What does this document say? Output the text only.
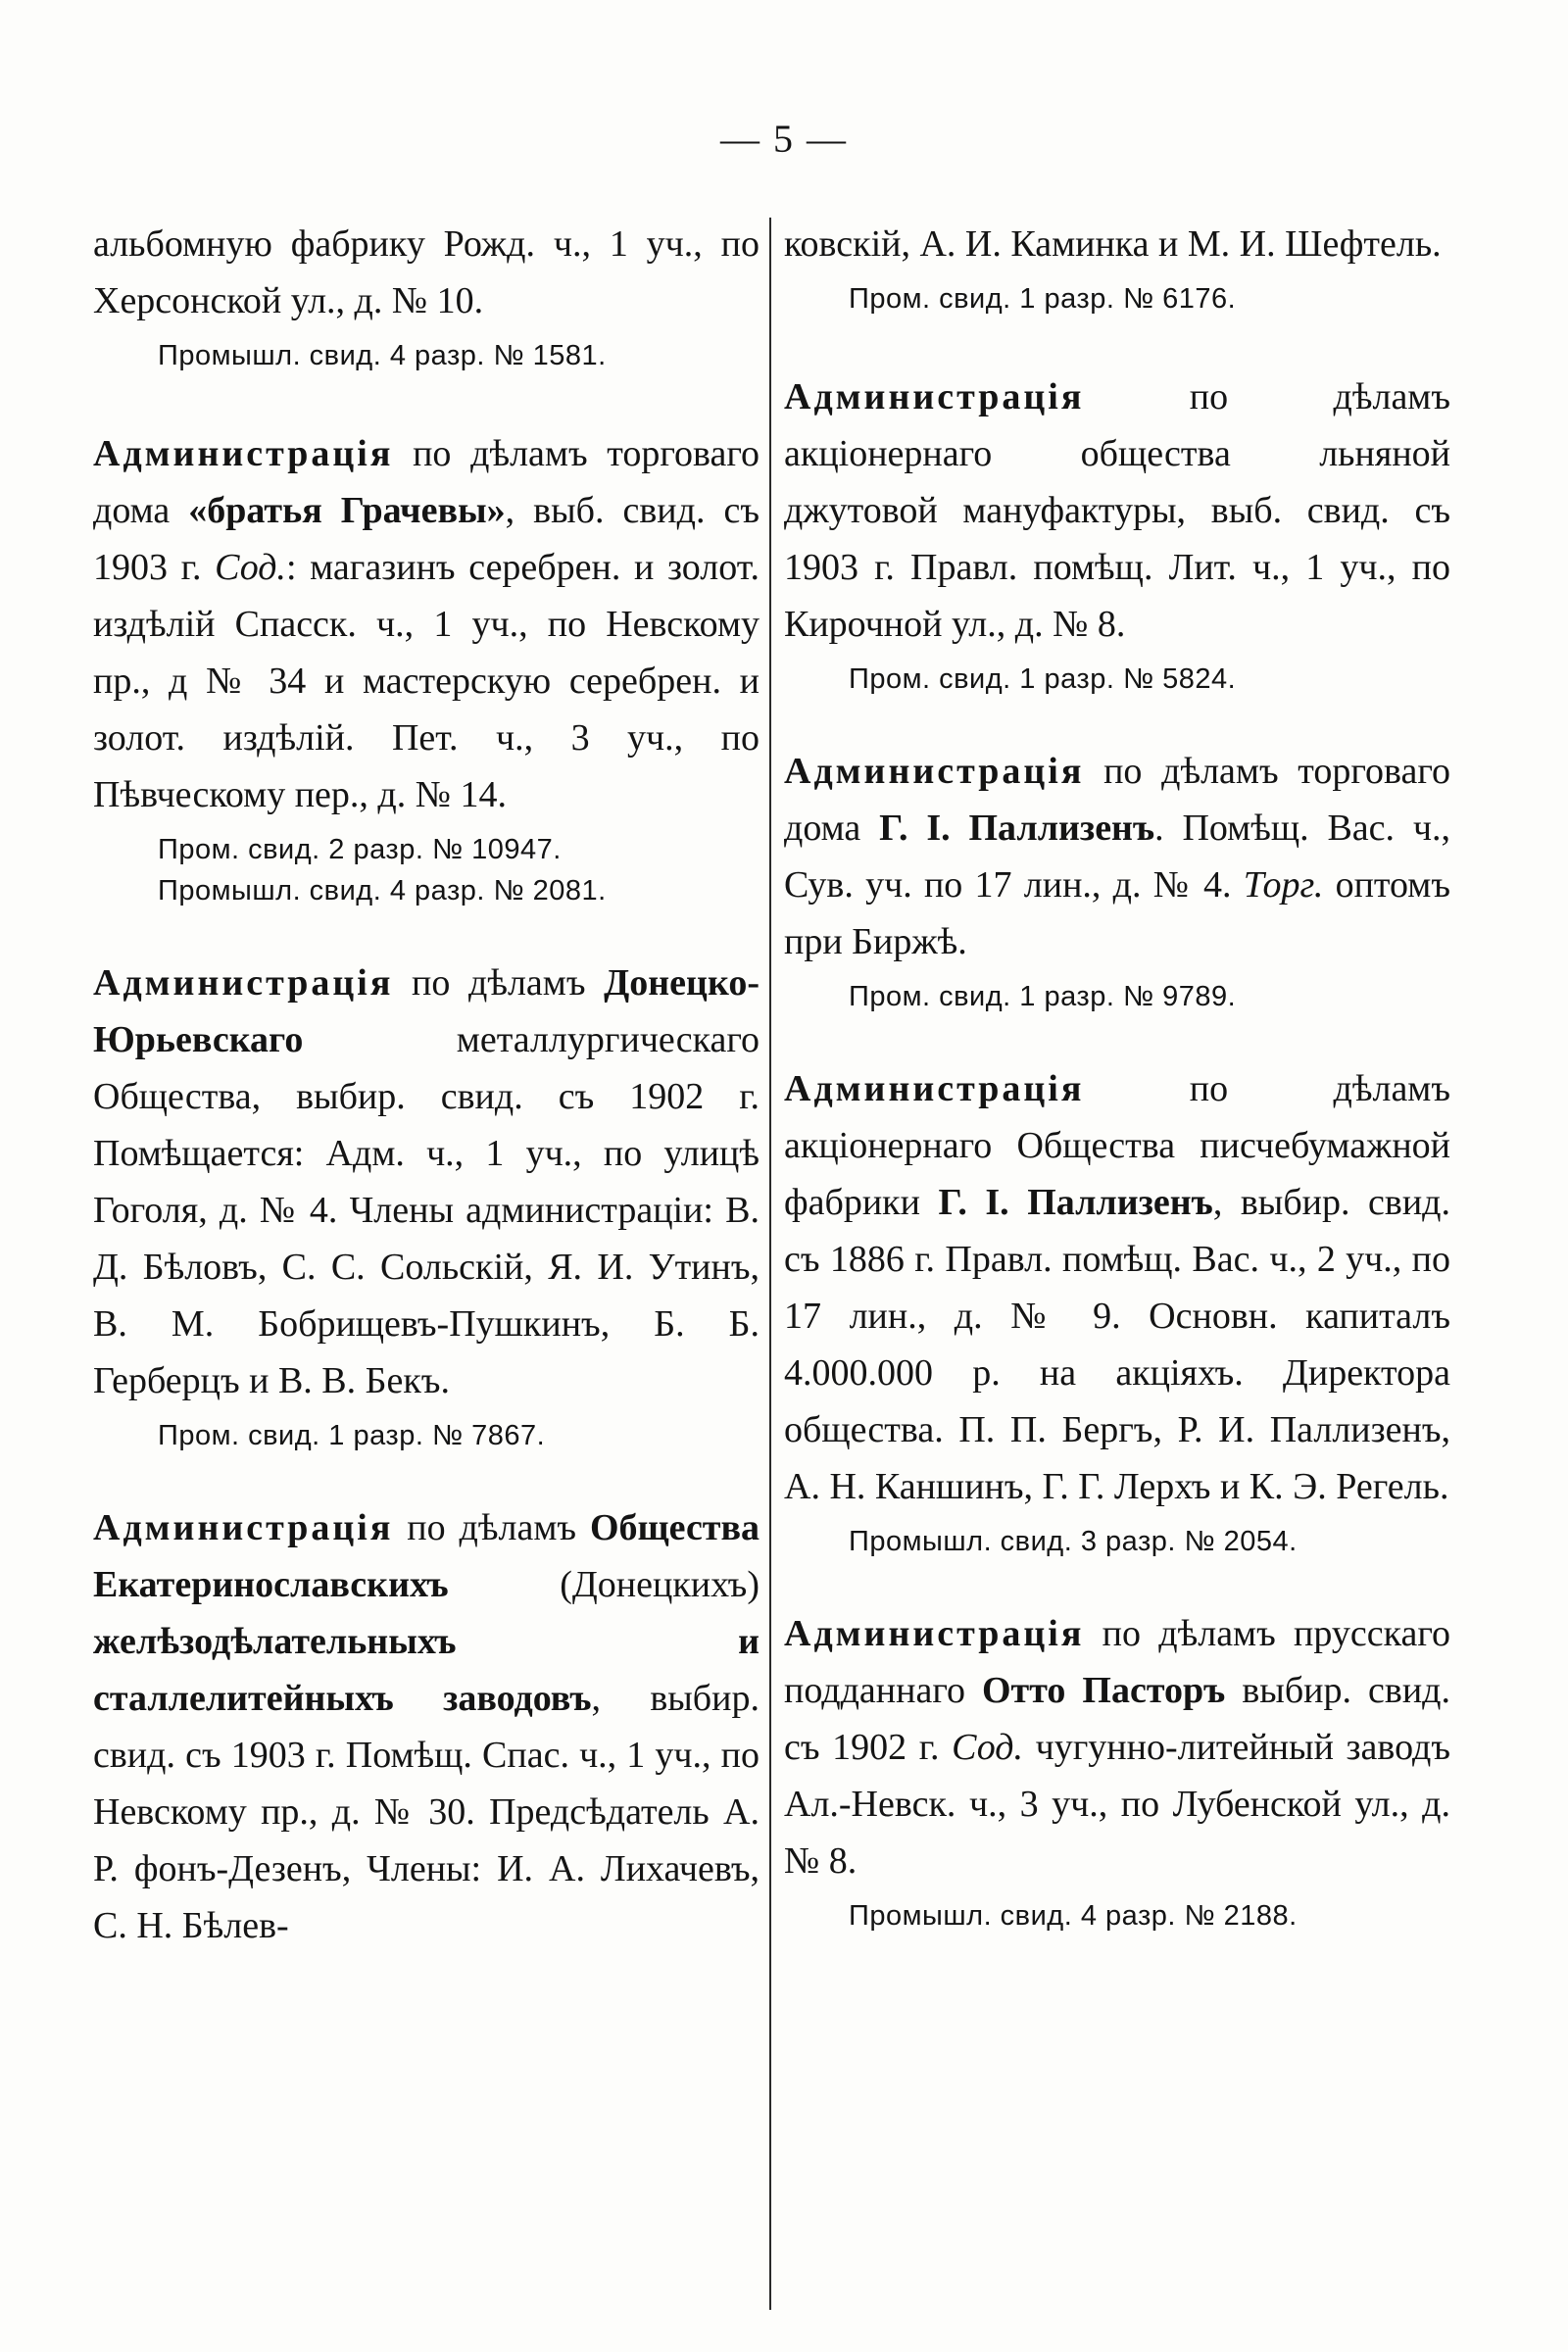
— 5 —
альбомную фабрику Рожд. ч., 1 уч., по Херсонской ул., д. № 10.
Промышл. свид. 4 разр. № 1581.
Администрація по дѣламъ торговаго дома «братья Грачевы», выб. свид. съ 1903 г. Сод.: магазинъ серебрен. и золот. издѣлій Спасск. ч., 1 уч., по Невскому пр., д № 34 и мастерскую серебрен. и золот. издѣлій. Пет. ч., 3 уч., по Пѣвческому пер., д. № 14.
Пром. свид. 2 разр. № 10947.
Промышл. свид. 4 разр. № 2081.
Администрація по дѣламъ Донецко-Юрьевскаго металлургическаго Общества, выбир. свид. съ 1902 г. Помѣщается: Адм. ч., 1 уч., по улицѣ Гоголя, д. № 4. Члены администраціи: В. Д. Бѣловъ, С. С. Сольскій, Я. И. Утинъ, В. М. Бобрищевъ-Пушкинъ, Б. Б. Герберцъ и В. В. Бекъ.
Пром. свид. 1 разр. № 7867.
Администрація по дѣламъ Общества Екатеринославскихъ (Донецкихъ) желѣзодѣлательныхъ и сталлелитейныхъ заводовъ, выбир. свид. съ 1903 г. Помѣщ. Спас. ч., 1 уч., по Невскому пр., д. № 30. Предсѣдатель А. Р. фонъ-Дезенъ, Члены: И. А. Лихачевъ, С. Н. Бѣлев-
ковскій, А. И. Каминка и М. И. Шефтель.
Пром. свид. 1 разр. № 6176.
Администрація по дѣламъ акціонернаго общества льняной джутовой мануфактуры, выб. свид. съ 1903 г. Правл. помѣщ. Лит. ч., 1 уч., по Кирочной ул., д. № 8.
Пром. свид. 1 разр. № 5824.
Администрація по дѣламъ торговаго дома Г. І. Паллизенъ. Помѣщ. Вас. ч., Сув. уч. по 17 лин., д. № 4. Торг. оптомъ при Биржѣ.
Пром. свид. 1 разр. № 9789.
Администрація по дѣламъ акціонернаго Общества писчебумажной фабрики Г. І. Паллизенъ, выбир. свид. съ 1886 г. Правл. помѣщ. Вас. ч., 2 уч., по 17 лин., д. № 9. Основн. капиталъ 4.000.000 р. на акціяхъ. Директора общества. П. П. Бергъ, Р. И. Паллизенъ, А. Н. Каншинъ, Г. Г. Лерхъ и К. Э. Регель.
Промышл. свид. 3 разр. № 2054.
Администрація по дѣламъ прусскаго подданнаго Отто Пасторъ выбир. свид. съ 1902 г. Сод. чугунно-литейный заводъ Ал.-Невск. ч., 3 уч., по Лубенской ул., д. № 8.
Промышл. свид. 4 разр. № 2188.
